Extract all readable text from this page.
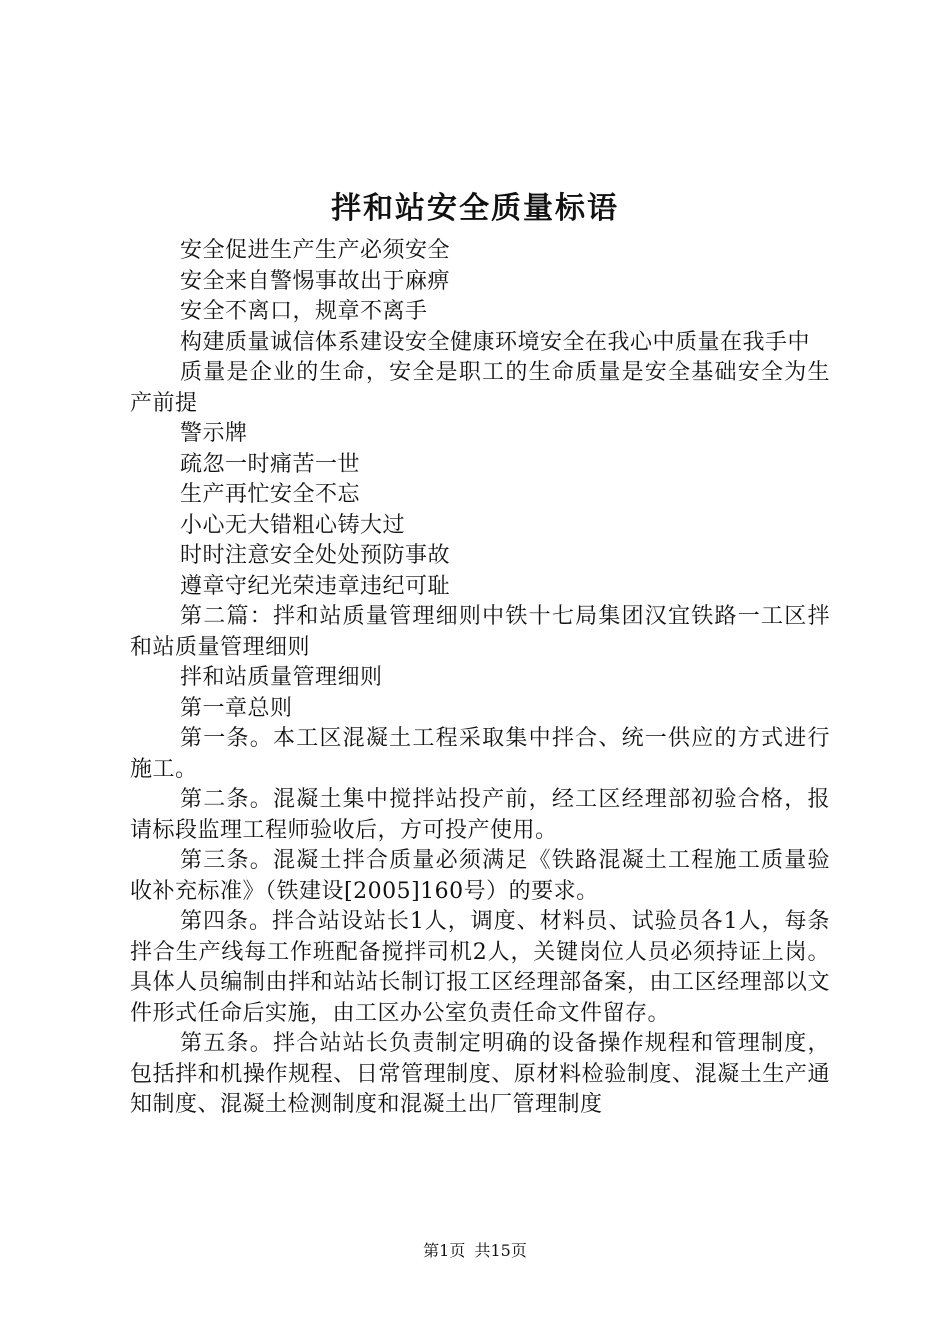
拌和站安全质量标语

安全促进生产生产必须安全

安全来自警惕事故出于麻痹

安全不离口，规章不离手

构建质量诚信体系建设安全健康环境安全在我心中质量在我手中

质量是企业的生命，安全是职工的生命质量是安全基础安全为生产前提

警示牌

疏忽一时痛苦一世

生产再忙安全不忘

小心无大错粗心铸大过

时时注意安全处处预防事故

遵章守纪光荣违章违纪可耻

第二篇：拌和站质量管理细则中铁十七局集团汉宜铁路一工区拌和站质量管理细则

拌和站质量管理细则

第一章总则

第一条。本工区混凝土工程采取集中拌合、统一供应的方式进行施工。

第二条。混凝土集中搅拌站投产前，经工区经理部初验合格，报请标段监理工程师验收后，方可投产使用。

第三条。混凝土拌合质量必须满足《铁路混凝土工程施工质量验收补充标准》（铁建设[2005]160号）的要求。

第四条。拌合站设站长1人，调度、材料员、试验员各1人，每条拌合生产线每工作班配备搅拌司机2人，关键岗位人员必须持证上岗。具体人员编制由拌和站站长制订报工区经理部备案，由工区经理部以文件形式任命后实施，由工区办公室负责任命文件留存。

第五条。拌合站站长负责制定明确的设备操作规程和管理制度，包括拌和机操作规程、日常管理制度、原材料检验制度、混凝土生产通知制度、混凝土检测制度和混凝土出厂管理制度

第1页 共15页
